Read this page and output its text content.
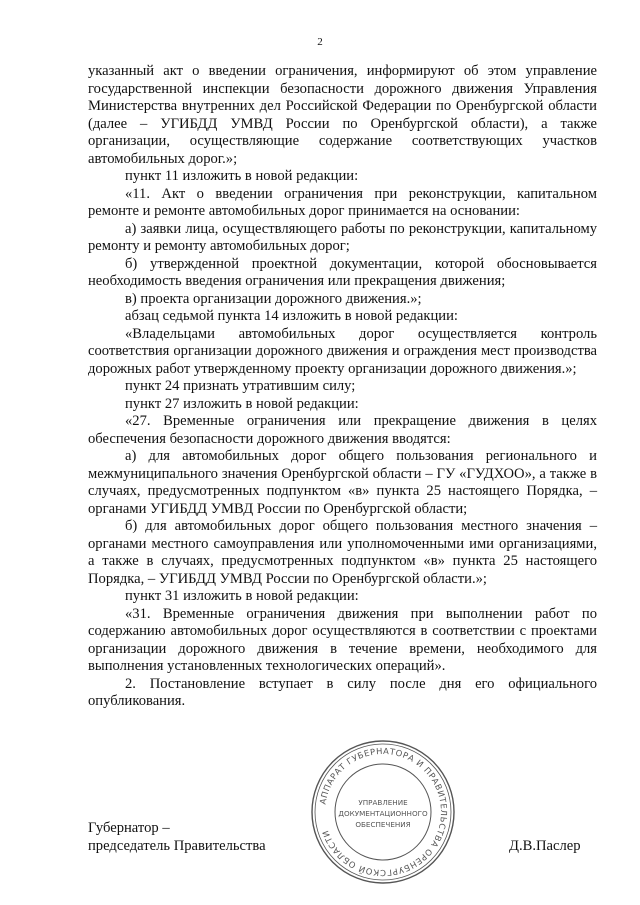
2

указанный акт о введении ограничения, информируют об этом управление государственной инспекции безопасности дорожного движения Управления Министерства внутренних дел Российской Федерации по Оренбургской области (далее – УГИБДД УМВД России по Оренбургской области), а также организации, осуществляющие содержание соответствующих участков автомобильных дорог.»;

пункт 11 изложить в новой редакции:

«11. Акт о введении ограничения при реконструкции, капитальном ремонте и ремонте автомобильных дорог принимается на основании:

а) заявки лица, осуществляющего работы по реконструкции, капитальному ремонту и ремонту автомобильных дорог;

б) утвержденной проектной документации, которой обосновывается необходимость введения ограничения или прекращения движения;

в) проекта организации дорожного движения.»;

абзац седьмой пункта 14 изложить в новой редакции:

«Владельцами автомобильных дорог осуществляется контроль соответствия организации дорожного движения и ограждения мест производства дорожных работ утвержденному проекту организации дорожного движения.»;

пункт 24 признать утратившим силу;

пункт 27 изложить в новой редакции:

«27. Временные ограничения или прекращение движения в целях обеспечения безопасности дорожного движения вводятся:

а) для автомобильных дорог общего пользования регионального и межмуниципального значения Оренбургской области – ГУ «ГУДХОО», а также в случаях, предусмотренных подпунктом «в» пункта 25 настоящего Порядка, – органами УГИБДД УМВД России по Оренбургской области;

б) для автомобильных дорог общего пользования местного значения – органами местного самоуправления или уполномоченными ими организациями, а также в случаях, предусмотренных подпунктом «в» пункта 25 настоящего Порядка, – УГИБДД УМВД России по Оренбургской области.»;

пункт 31 изложить в новой редакции:

«31. Временные ограничения движения при выполнении работ по содержанию автомобильных дорог осуществляются в соответствии с проектами организации дорожного движения в течение времени, необходимого для выполнения установленных технологических операций».

2. Постановление вступает в силу после дня его официального опубликования.

Губернатор –
председатель Правительства
АППАРАТ ГУБЕРНАТОРА И ПРАВИТЕЛЬСТВА ОРЕНБУРГСКОЙ ОБЛАСТИ
УПРАВЛЕНИЕ
ДОКУМЕНТАЦИОННОГО
ОБЕСПЕЧЕНИЯ
Д.В.Паслер
